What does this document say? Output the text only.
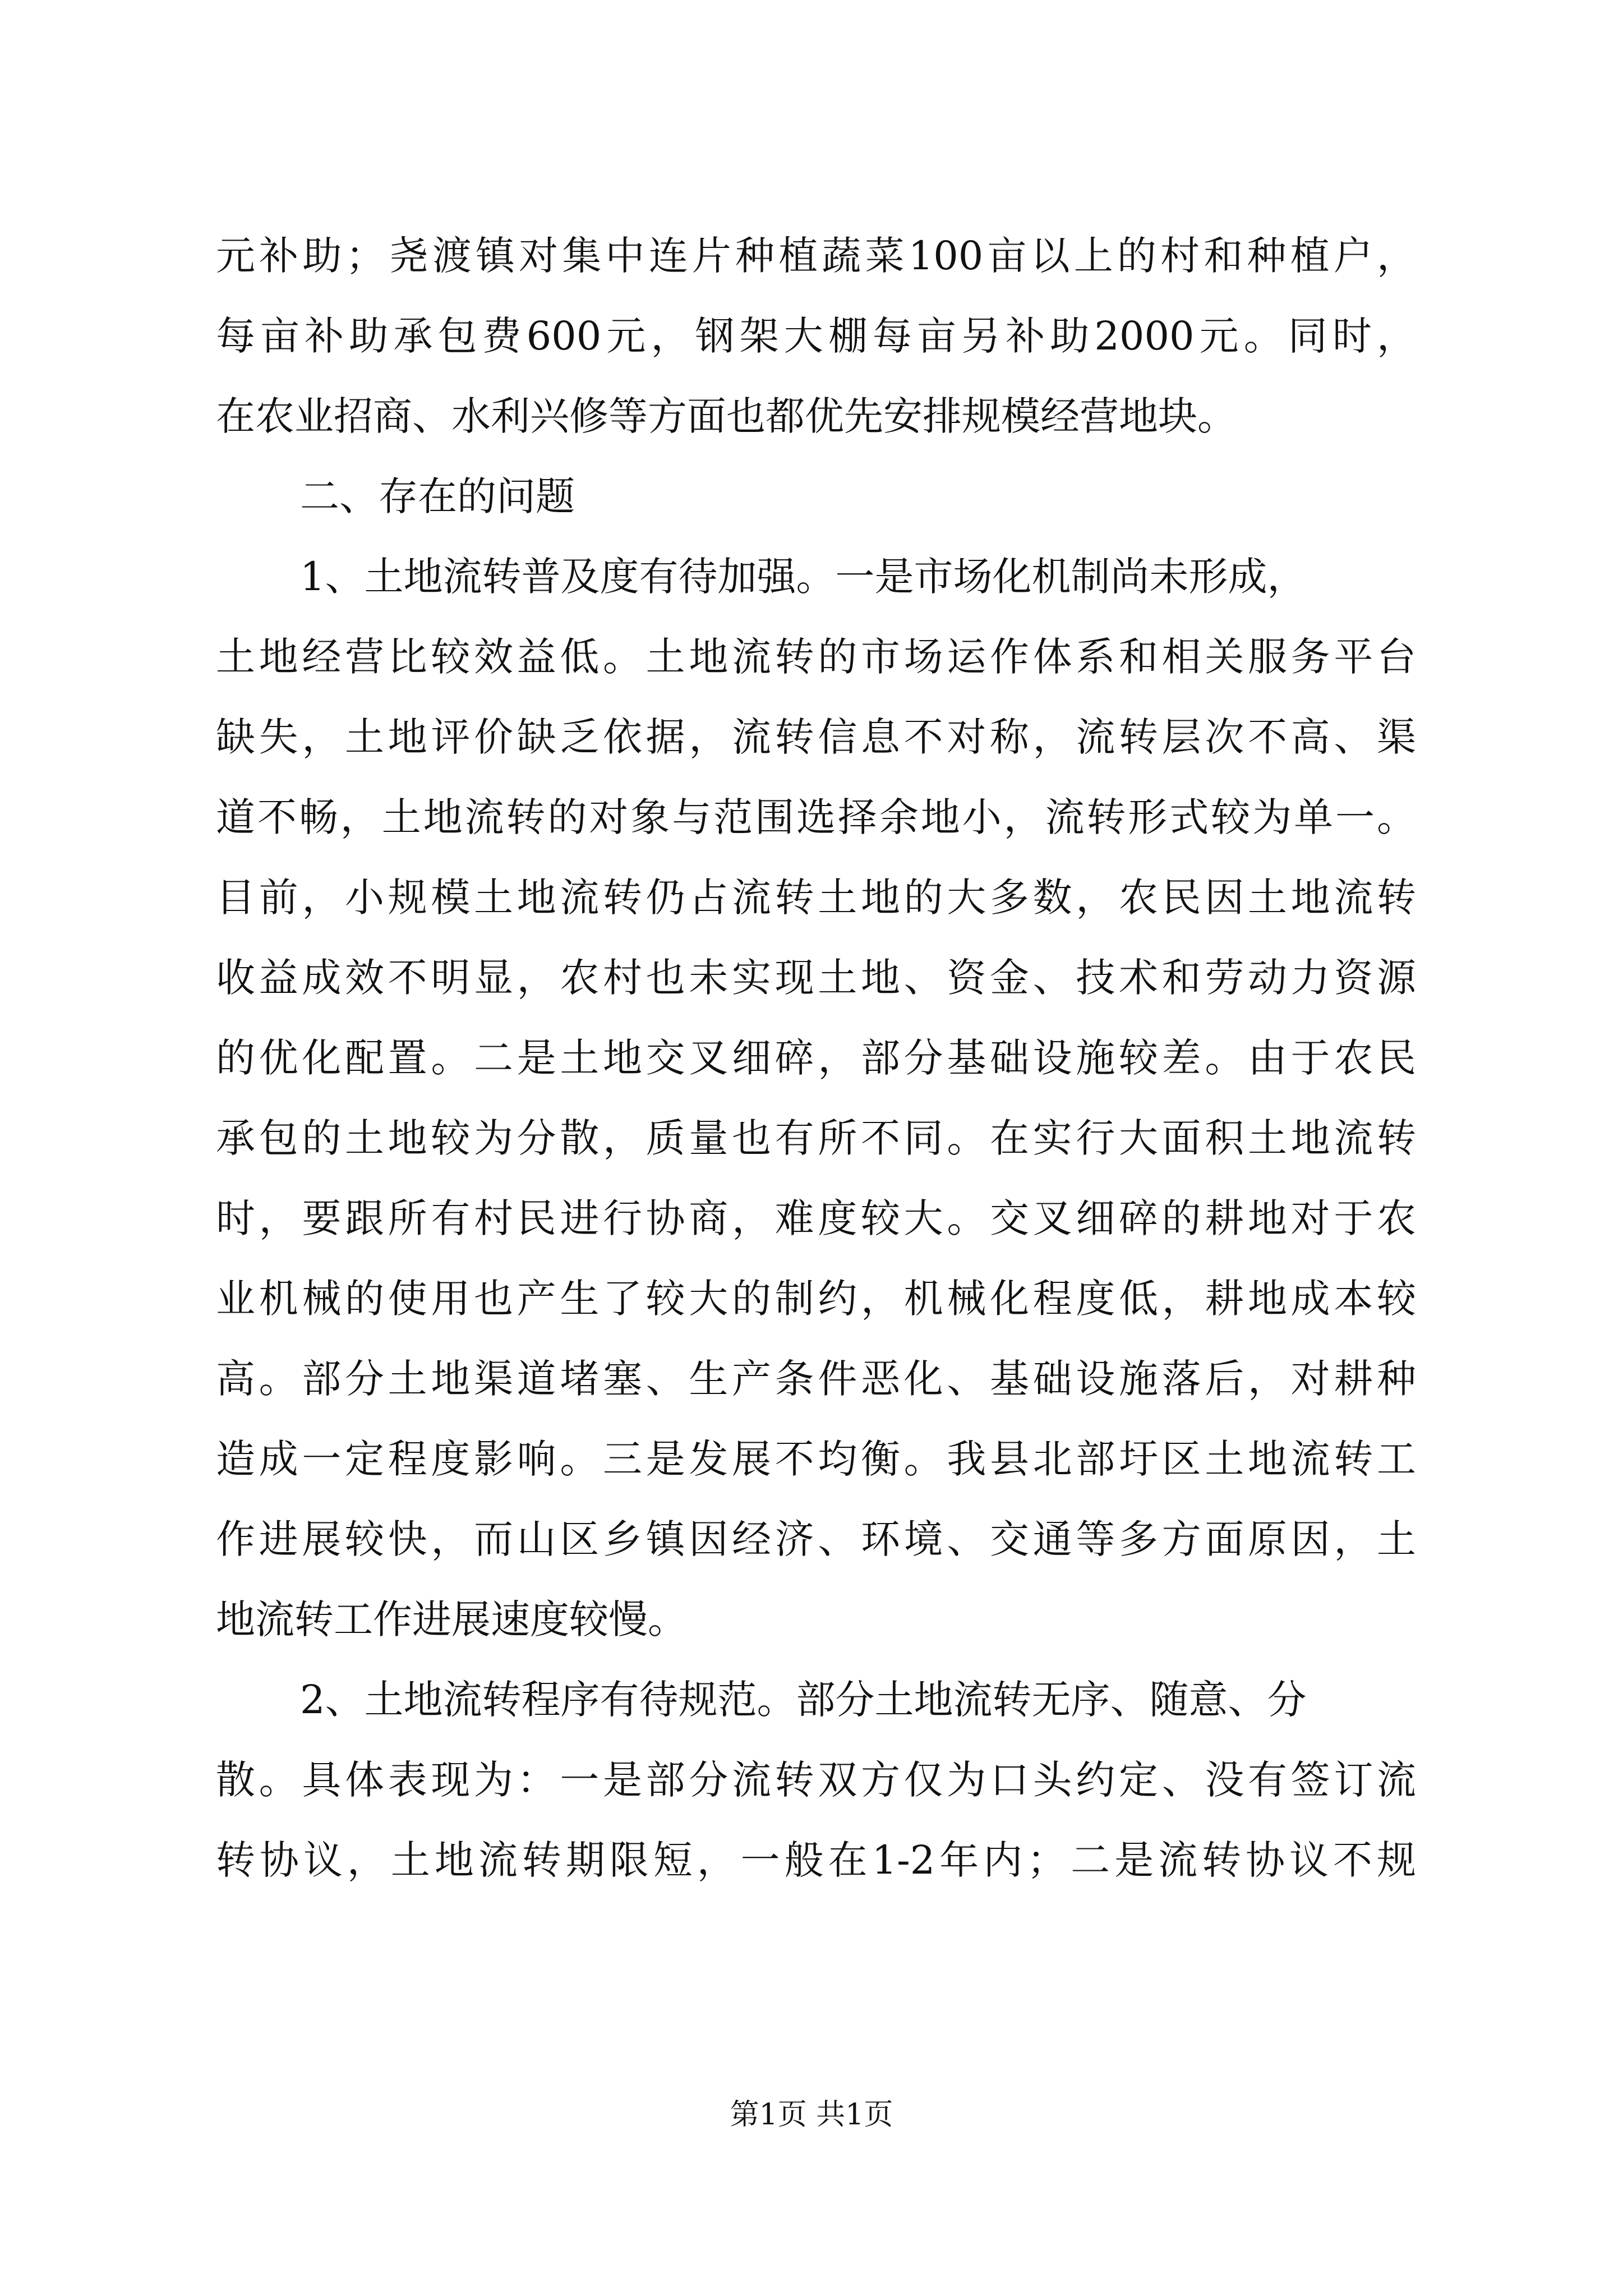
元补助；尧渡镇对集中连片种植蔬菜100亩以上的村和种植户，
每亩补助承包费600元，钢架大棚每亩另补助2000元。同时，
在农业招商、水利兴修等方面也都优先安排规模经营地块。
二、存在的问题
1、土地流转普及度有待加强。一是市场化机制尚未形成，
土地经营比较效益低。土地流转的市场运作体系和相关服务平台
缺失，土地评价缺乏依据，流转信息不对称，流转层次不高、渠
道不畅，土地流转的对象与范围选择余地小，流转形式较为单一。
目前，小规模土地流转仍占流转土地的大多数，农民因土地流转
收益成效不明显，农村也未实现土地、资金、技术和劳动力资源
的优化配置。二是土地交叉细碎，部分基础设施较差。由于农民
承包的土地较为分散，质量也有所不同。在实行大面积土地流转
时，要跟所有村民进行协商，难度较大。交叉细碎的耕地对于农
业机械的使用也产生了较大的制约，机械化程度低，耕地成本较
高。部分土地渠道堵塞、生产条件恶化、基础设施落后，对耕种
造成一定程度影响。三是发展不均衡。我县北部圩区土地流转工
作进展较快，而山区乡镇因经济、环境、交通等多方面原因，土
地流转工作进展速度较慢。
2、土地流转程序有待规范。部分土地流转无序、随意、分
散。具体表现为：一是部分流转双方仅为口头约定、没有签订流
转协议，土地流转期限短，一般在1-2年内；二是流转协议不规
第1页 共1页
